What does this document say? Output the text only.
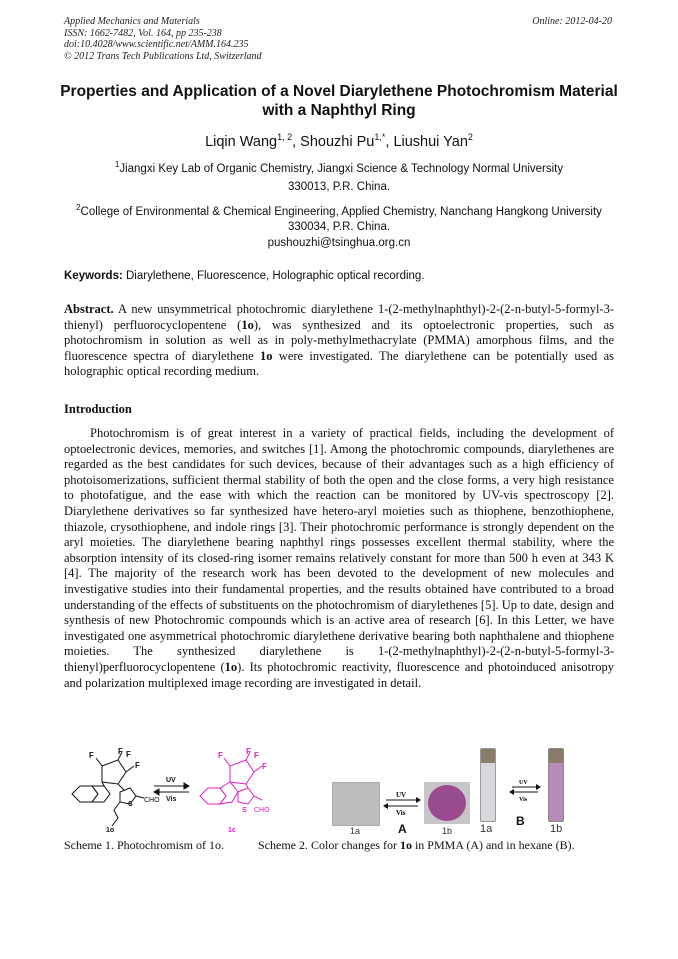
Applied Mechanics and Materials
ISSN: 1662-7482, Vol. 164, pp 235-238
doi:10.4028/www.scientific.net/AMM.164.235
© 2012 Trans Tech Publications Ltd, Switzerland
Online: 2012-04-20
Properties and Application of a Novel Diarylethene Photochromism Material with a Naphthyl Ring
Liqin Wang$^{1, 2}$, Shouzhi $Pu^{1,*}$, Liushui Yan$^2$
$^1$Jiangxi Key Lab of Organic Chemistry, Jiangxi Science & Technology Normal University
330013, P.R. China.
$^2$College of Environmental & Chemical Engineering, Applied Chemistry, Nanchang Hangkong University 330034, P.R. China.
pushouzhi@tsinghua.org.cn
Keywords: Diarylethene, Fluorescence, Holographic optical recording.
Abstract. A new unsymmetrical photochromic diarylethene 1-(2-methylnaphthyl)-2-(2-n-butyl-5-formyl-3-thienyl) perfluorocyclopentene (1o), was synthesized and its optoelectronic properties, such as photochromism in solution as well as in poly-methylmethacrylate (PMMA) amorphous films, and the fluorescence spectra of diarylethene 1o were investigated. The diarylethene can be potentially used as holographic optical recording medium.
Introduction

Photochromism is of great interest in a variety of practical fields, including the development of optoelectronic devices, memories, and switches [1]. Among the photochromic compounds, diarylethenes are regarded as the best candidates for such devices, because of their advantages such as a high efficiency of photoisomerizations, sufficient thermal stability of both the open and the close forms, a very high resistance to photofatigue, and the ease with which the reaction can be monitored by UV-vis spectroscopy [2]. Diarylethene derivatives so far synthesized have hetero-aryl moieties such as thiophene, benzothiophene, thiazole, crysothiophene, and indole rings [3]. Their photochromic performance is strongly dependent on the aryl moieties. The diarylethene bearing naphthyl rings possesses excellent thermal stability, where the absorption intensity of its closed-ring isomer remains relatively constant for more than 500 h even at 343 K [4]. The majority of the research work has been devoted to the development of new molecules and investigative studies into their fundamental properties, and the results obtained have contributed to a broad understanding of the effects of substituents on the photochromism of diarylethenes [5]. Up to date, design and synthesis of new Photochromic compounds which is an active area of research [6]. In this Letter, we have investigated one asymmetrical photochromic diarylethene derivative bearing both naphthalene and thiophene moieties. The synthesized diarylethene is 1-(2-methylnaphthyl)-2-(2-n-butyl-5-formyl-3-thienyl)perfluorocyclopentene (1o). Its photochromic reactivity, fluorescence and photoinduced anisotropy and polarization multiplexed image recording are investigated in detail.

F	F F
F
S
CHO
1o
UV
Vis
F	F F
F
S CHO
1c	1a
UV
Vis
A	1b	1a
UV
Vis
B
1b
Scheme 1. Photochromism of 1o.	Scheme 2. Color changes for 1o in PMMA (A) and in hexane (B).
